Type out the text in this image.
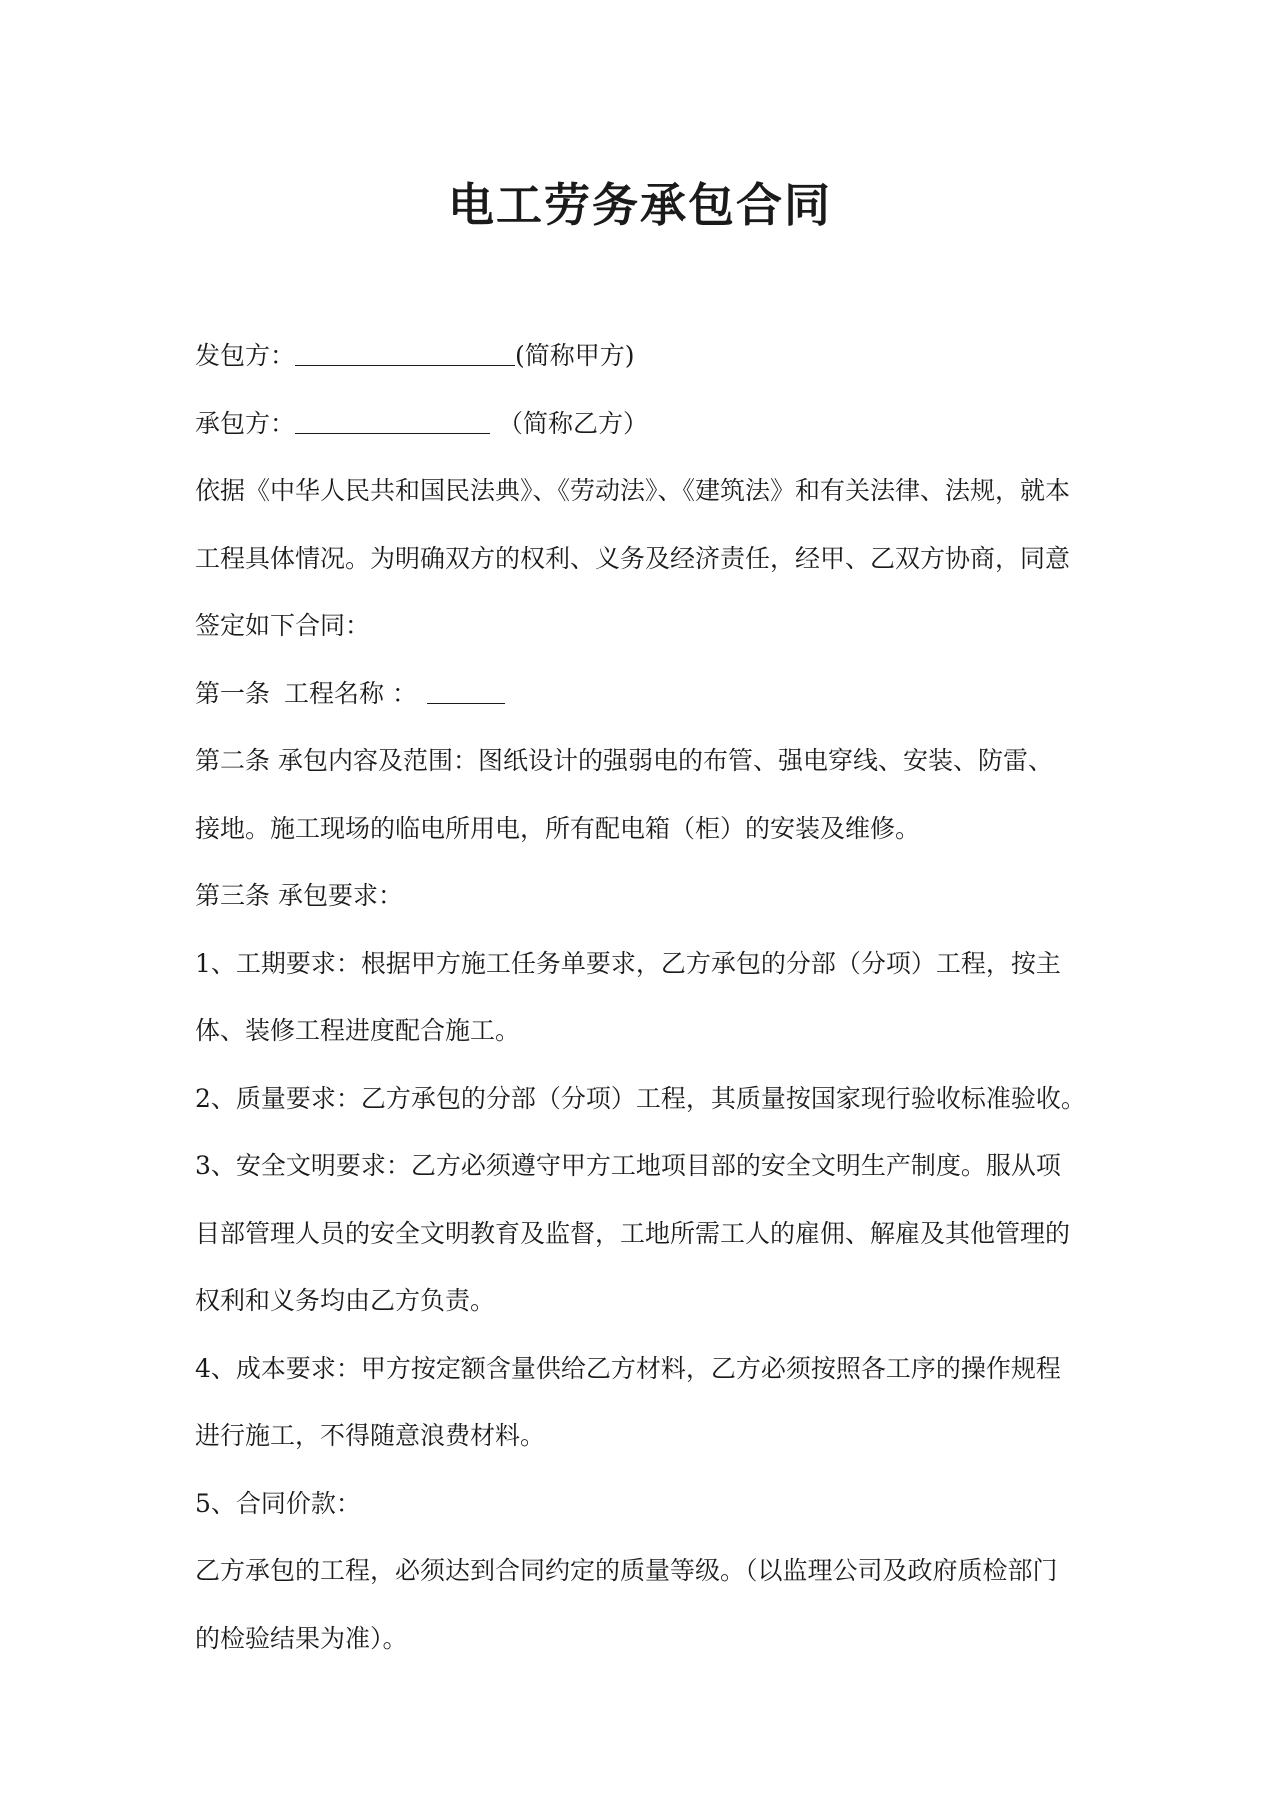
电工劳务承包合同
发包方：	(简称甲方)
承包方：	（简称乙方）
依据《中华人民共和国民法典》、《劳动法》、《建筑法》和有关法律、法规，就本
工程具体情况。为明确双方的权利、义务及经济责任，经甲、乙双方协商，同意
签定如下合同：
第一条 工程名称 ：
第二条 承包内容及范围：图纸设计的强弱电的布管、强电穿线、安装、防雷、
接地。施工现场的临电所用电，所有配电箱（柜）的安装及维修。
第三条 承包要求：
1、工期要求：根据甲方施工任务单要求，乙方承包的分部（分项）工程，按主
体、装修工程进度配合施工。
2、质量要求：乙方承包的分部（分项）工程，其质量按国家现行验收标准验收。
3、安全文明要求：乙方必须遵守甲方工地项目部的安全文明生产制度。服从项
目部管理人员的安全文明教育及监督，工地所需工人的雇佣、解雇及其他管理的
权利和义务均由乙方负责。
4、成本要求：甲方按定额含量供给乙方材料，乙方必须按照各工序的操作规程
进行施工，不得随意浪费材料。
5、合同价款：
乙方承包的工程，必须达到合同约定的质量等级。（以监理公司及政府质检部门
的检验结果为准）。
